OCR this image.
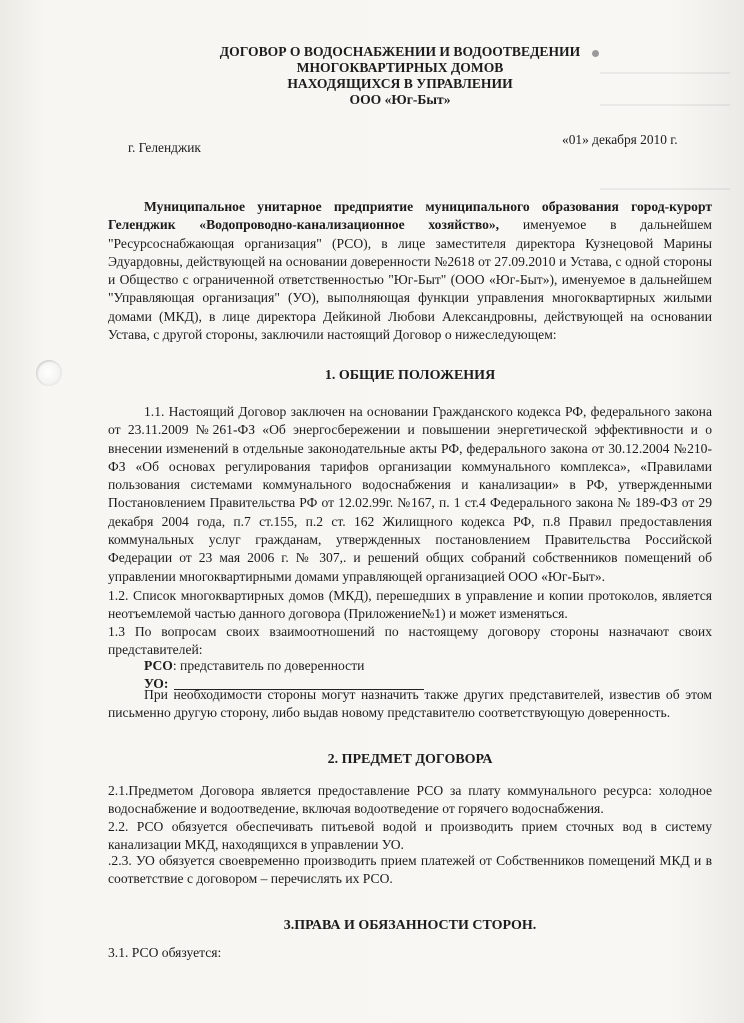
ДОГОВОР О ВОДОСНАБЖЕНИИ И ВОДООТВЕДЕНИИ
МНОГОКВАРТИРНЫХ ДОМОВ
НАХОДЯЩИХСЯ В УПРАВЛЕНИИ
ООО «Юг-Быт»
г. Геленджик
«01» декабря 2010 г.
Муниципальное унитарное предприятие муниципального образования город-курорт Геленджик «Водопроводно-канализационное хозяйство», именуемое в дальнейшем "Ресурсоснабжающая организация" (РСО), в лице заместителя директора Кузнецовой Марины Эдуардовны, действующей на основании доверенности №2618 от 27.09.2010 и Устава, с одной стороны и Общество с ограниченной ответственностью "Юг-Быт" (ООО «Юг-Быт»), именуемое в дальнейшем "Управляющая организация" (УО), выполняющая функции управления многоквартирных жилыми домами (МКД), в лице директора Дейкиной Любови Александровны, действующей на основании Устава, с другой стороны, заключили настоящий Договор о нижеследующем:
1. ОБЩИЕ ПОЛОЖЕНИЯ
1.1. Настоящий Договор заключен на основании Гражданского кодекса РФ, федерального закона от 23.11.2009 №261-ФЗ «Об энергосбережении и повышении энергетической эффективности и о внесении изменений в отдельные законодательные акты РФ, федерального закона от 30.12.2004 №210-ФЗ «Об основах регулирования тарифов организации коммунального комплекса», «Правилами пользования системами коммунального водоснабжения и канализации» в РФ, утвержденными Постановлением Правительства РФ от 12.02.99г. №167, п. 1 ст.4 Федерального закона № 189-ФЗ от 29 декабря 2004 года, п.7 ст.155, п.2 ст. 162 Жилищного кодекса РФ, п.8 Правил предоставления коммунальных услуг гражданам, утвержденных постановлением Правительства Российской Федерации от 23 мая 2006 г. № 307,. и решений общих собраний собственников помещений об управлении многоквартирными домами управляющей организацией ООО «Юг-Быт».
1.2. Список многоквартирных домов (МКД), перешедших в управление и копии протоколов, является неотъемлемой частью данного договора (Приложение№1) и может изменяться.
1.3 По вопросам своих взаимоотношений по настоящему договору стороны назначают своих представителей:
РСО: представитель по доверенности
УО:
При необходимости стороны могут назначить также других представителей, известив об этом письменно другую сторону, либо выдав новому представителю соответствующую доверенность.
2. ПРЕДМЕТ ДОГОВОРА
2.1.Предметом Договора является предоставление РСО за плату коммунального ресурса: холодное водоснабжение и водоотведение, включая водоотведение от горячего водоснабжения.
2.2. РСО обязуется обеспечивать питьевой водой и производить прием сточных вод в систему канализации МКД, находящихся в управлении УО.
.2.3. УО обязуется своевременно производить прием платежей от Собственников помещений МКД и в соответствие с договором – перечислять их РСО.
3.ПРАВА И ОБЯЗАННОСТИ СТОРОН.
3.1. РСО обязуется:
